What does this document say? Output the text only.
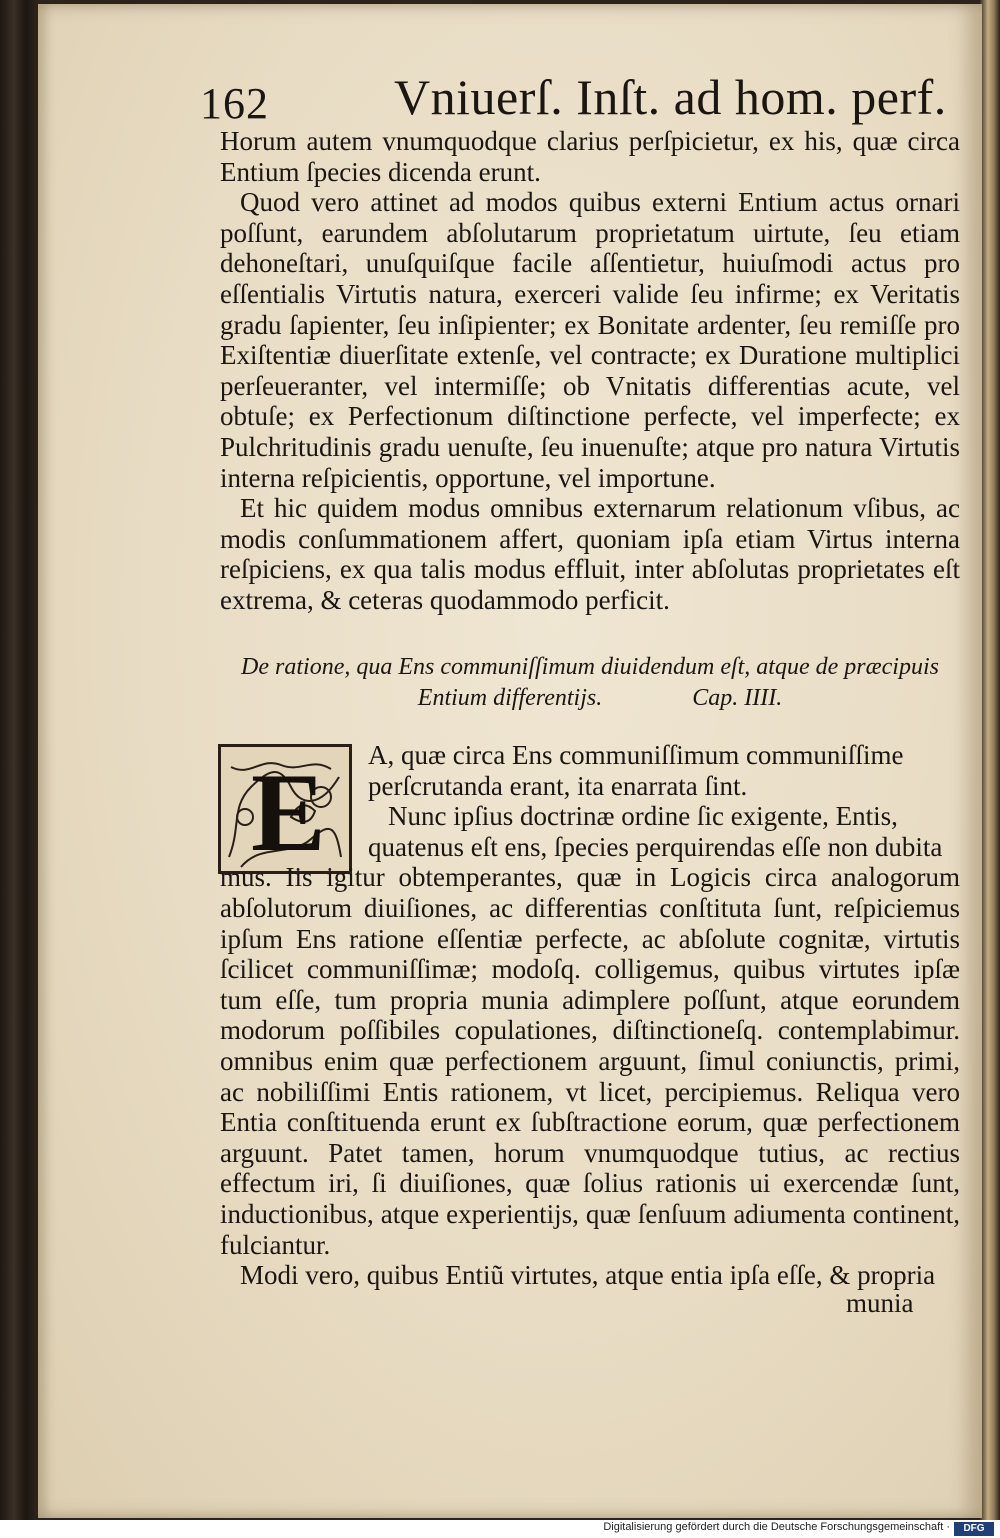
162	Vniuerſ. Inſt. ad hom. perf.

Horum autem vnumquodque clarius perſpicietur, ex his, quæ circa Entium ſpecies dicenda erunt.

Quod vero attinet ad modos quibus externi Entium actus ornari poſſunt, earundem abſolutarum proprietatum uirtute, ſeu etiam dehoneſtari, unuſquiſque facile aſſentietur, huiuſmodi actus pro eſſentialis Virtutis natura, exerceri valide ſeu infirme; ex Veritatis gradu ſapienter, ſeu inſipienter; ex Bonitate ardenter, ſeu remiſſe pro Exiſtentiæ diuerſitate extenſe, vel contracte; ex Duratione multiplici perſeueranter, vel intermiſſe; ob Vnitatis differentias acute, vel obtuſe; ex Perfectionum diſtinctione perfecte, vel imperfecte; ex Pulchritudinis gradu uenuſte, ſeu inuenuſte; atque pro natura Virtutis interna reſpicientis, opportune, vel importune.

Et hic quidem modus omnibus externarum relationum vſibus, ac modis conſummationem affert, quoniam ipſa etiam Virtus interna reſpiciens, ex qua talis modus effluit, inter abſolutas proprietates eſt extrema, & ceteras quodammodo perficit.

De ratione, qua Ens communiſſimum diuidendum eſt, atque de præcipuis
Entium differentijs.	Cap. IIII.
E	A, quæ circa Ens communiſſimum communiſſime
perſcrutanda erant, ita enarrata ſint.
Nunc ipſius doctrinæ ordine ſic exigente, Entis,
quatenus eſt ens, ſpecies perquirendas eſſe non dubita

mus. Iis igitur obtemperantes, quæ in Logicis circa analogorum abſolutorum diuiſiones, ac differentias conſtituta ſunt, reſpiciemus ipſum Ens ratione eſſentiæ perfecte, ac abſolute cognitæ, virtutis ſcilicet communiſſimæ; modoſq. colligemus, quibus virtutes ipſæ tum eſſe, tum propria munia adimplere poſſunt, atque eorundem modorum poſſibiles copulationes, diſtinctioneſq. contemplabimur. omnibus enim quæ perfectionem arguunt, ſimul coniunctis, primi, ac nobiliſſimi Entis rationem, vt licet, percipiemus. Reliqua vero Entia conſtituenda erunt ex ſubſtractione eorum, quæ perfectionem arguunt. Patet tamen, horum vnumquodque tutius, ac rectius effectum iri, ſi diuiſiones, quæ ſolius rationis ui exercendæ ſunt, inductionibus, atque experientijs, quæ ſenſuum adiumenta continent, fulciantur.

Modi vero, quibus Entiũ virtutes, atque entia ipſa eſſe, & propria

munia
Digitalisierung gefördert durch die Deutsche Forschungsgemeinschaft ·	DFG
